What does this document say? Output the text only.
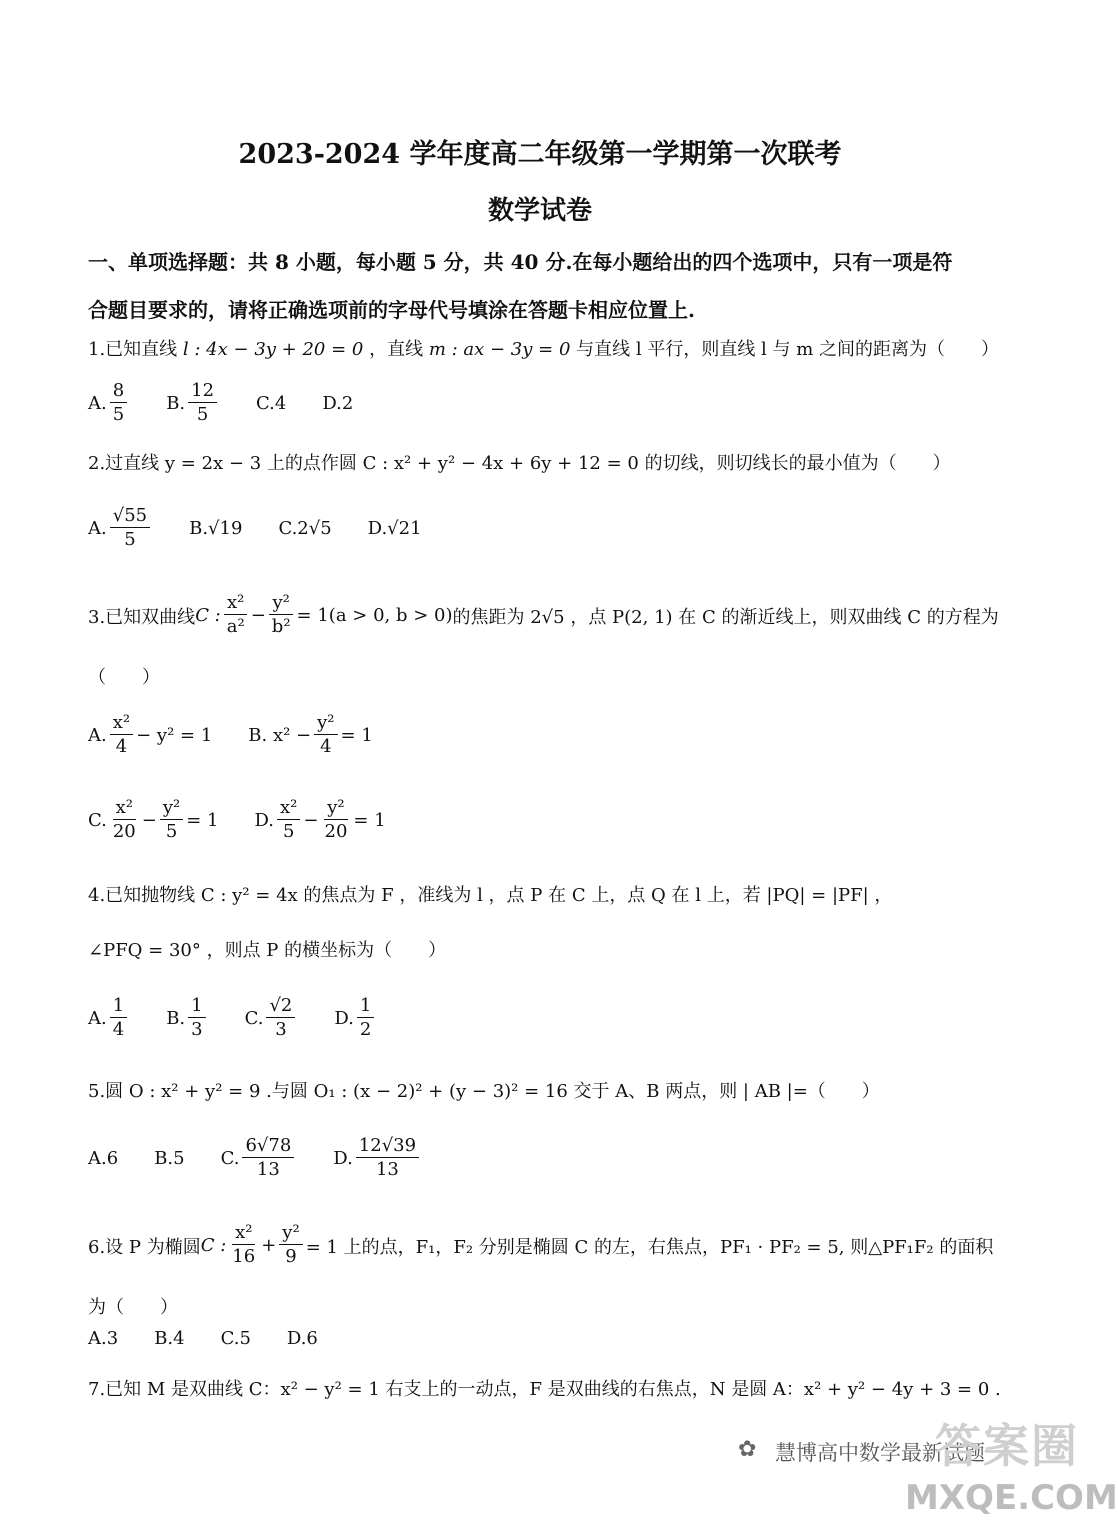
2023-2024 学年度高二年级第一学期第一次联考
数学试卷
一、单项选择题：共 8 小题，每小题 5 分，共 40 分.在每小题给出的四个选项中，只有一项是符
合题目要求的，请将正确选项前的字母代号填涂在答题卡相应位置上.
1.已知直线 l : 4x − 3y + 20 = 0 ，直线 m : ax − 3y = 0 与直线 l 平行，则直线 l 与 m 之间的距离为（　　）
A. $\frac{8}{5} B$. $\frac{12}{5} C.4$ D.2
2.过直线 y = 2x − 3 上的点作圆 C : x² + y² − 4x + 6y + 12 = 0 的切线，则切线长的最小值为（　　）
A. $\frac{√55}{5} B.√19$ C.2√5 D.√21
3.已知双曲线 C : $\frac{\text{x²}}{\text{a²}} - \frac{\text{y²}}{\text{b²}} = 1(a > 0$, b > 0) 的焦距为 2√5 ，点 P(2, 1) 在 C 的渐近线上，则双曲线 C 的方程为
（　　）
A. $\frac{\text{x²}}{4} - y^2 = 1$ B. $x^2 - \frac{\text{y²}}{4} = 1$
C. $\frac{\text{x²}}{20} - \frac{\text{y²}}{5} = 1$ D. $\frac{\text{x²}}{5} - \frac{\text{y²}}{20} = 1$
4.已知抛物线 C : y² = 4x 的焦点为 F ，准线为 l ，点 P 在 C 上，点 Q 在 l 上，若 |PQ| = |PF| ，
∠PFQ = 30° ，则点 P 的横坐标为（　　）
A. $\frac{1}{4} B$. $\frac{1}{3} C$. $\frac{√2}{3} D$. $\frac{1}{2}$
5.圆 O : x² + y² = 9 .与圆 O₁ : (x − 2)² + (y − 3)² = 16 交于 A、B 两点，则 | AB |=（　　）
A.6 B.5 C. $\frac{6√78}{13} D$. $\frac{12√39}{13}$
6.设 P 为椭圆 C : $\frac{\text{x²}}{16} + \frac{\text{y²}}{9} = 1$ 上的点，F₁，F₂ 分别是椭圆 C 的左，右焦点，PF₁ · PF₂ = 5, 则△PF₁F₂ 的面积
为（　　）
A.3 B.4 C.5 D.6
7.已知 M 是双曲线 C：x² − y² = 1 右支上的一动点，F 是双曲线的右焦点，N 是圆 A：x² + y² − 4y + 3 = 0 .
✿ 慧博高中数学最新试题
答案圈
MXQE.COM
